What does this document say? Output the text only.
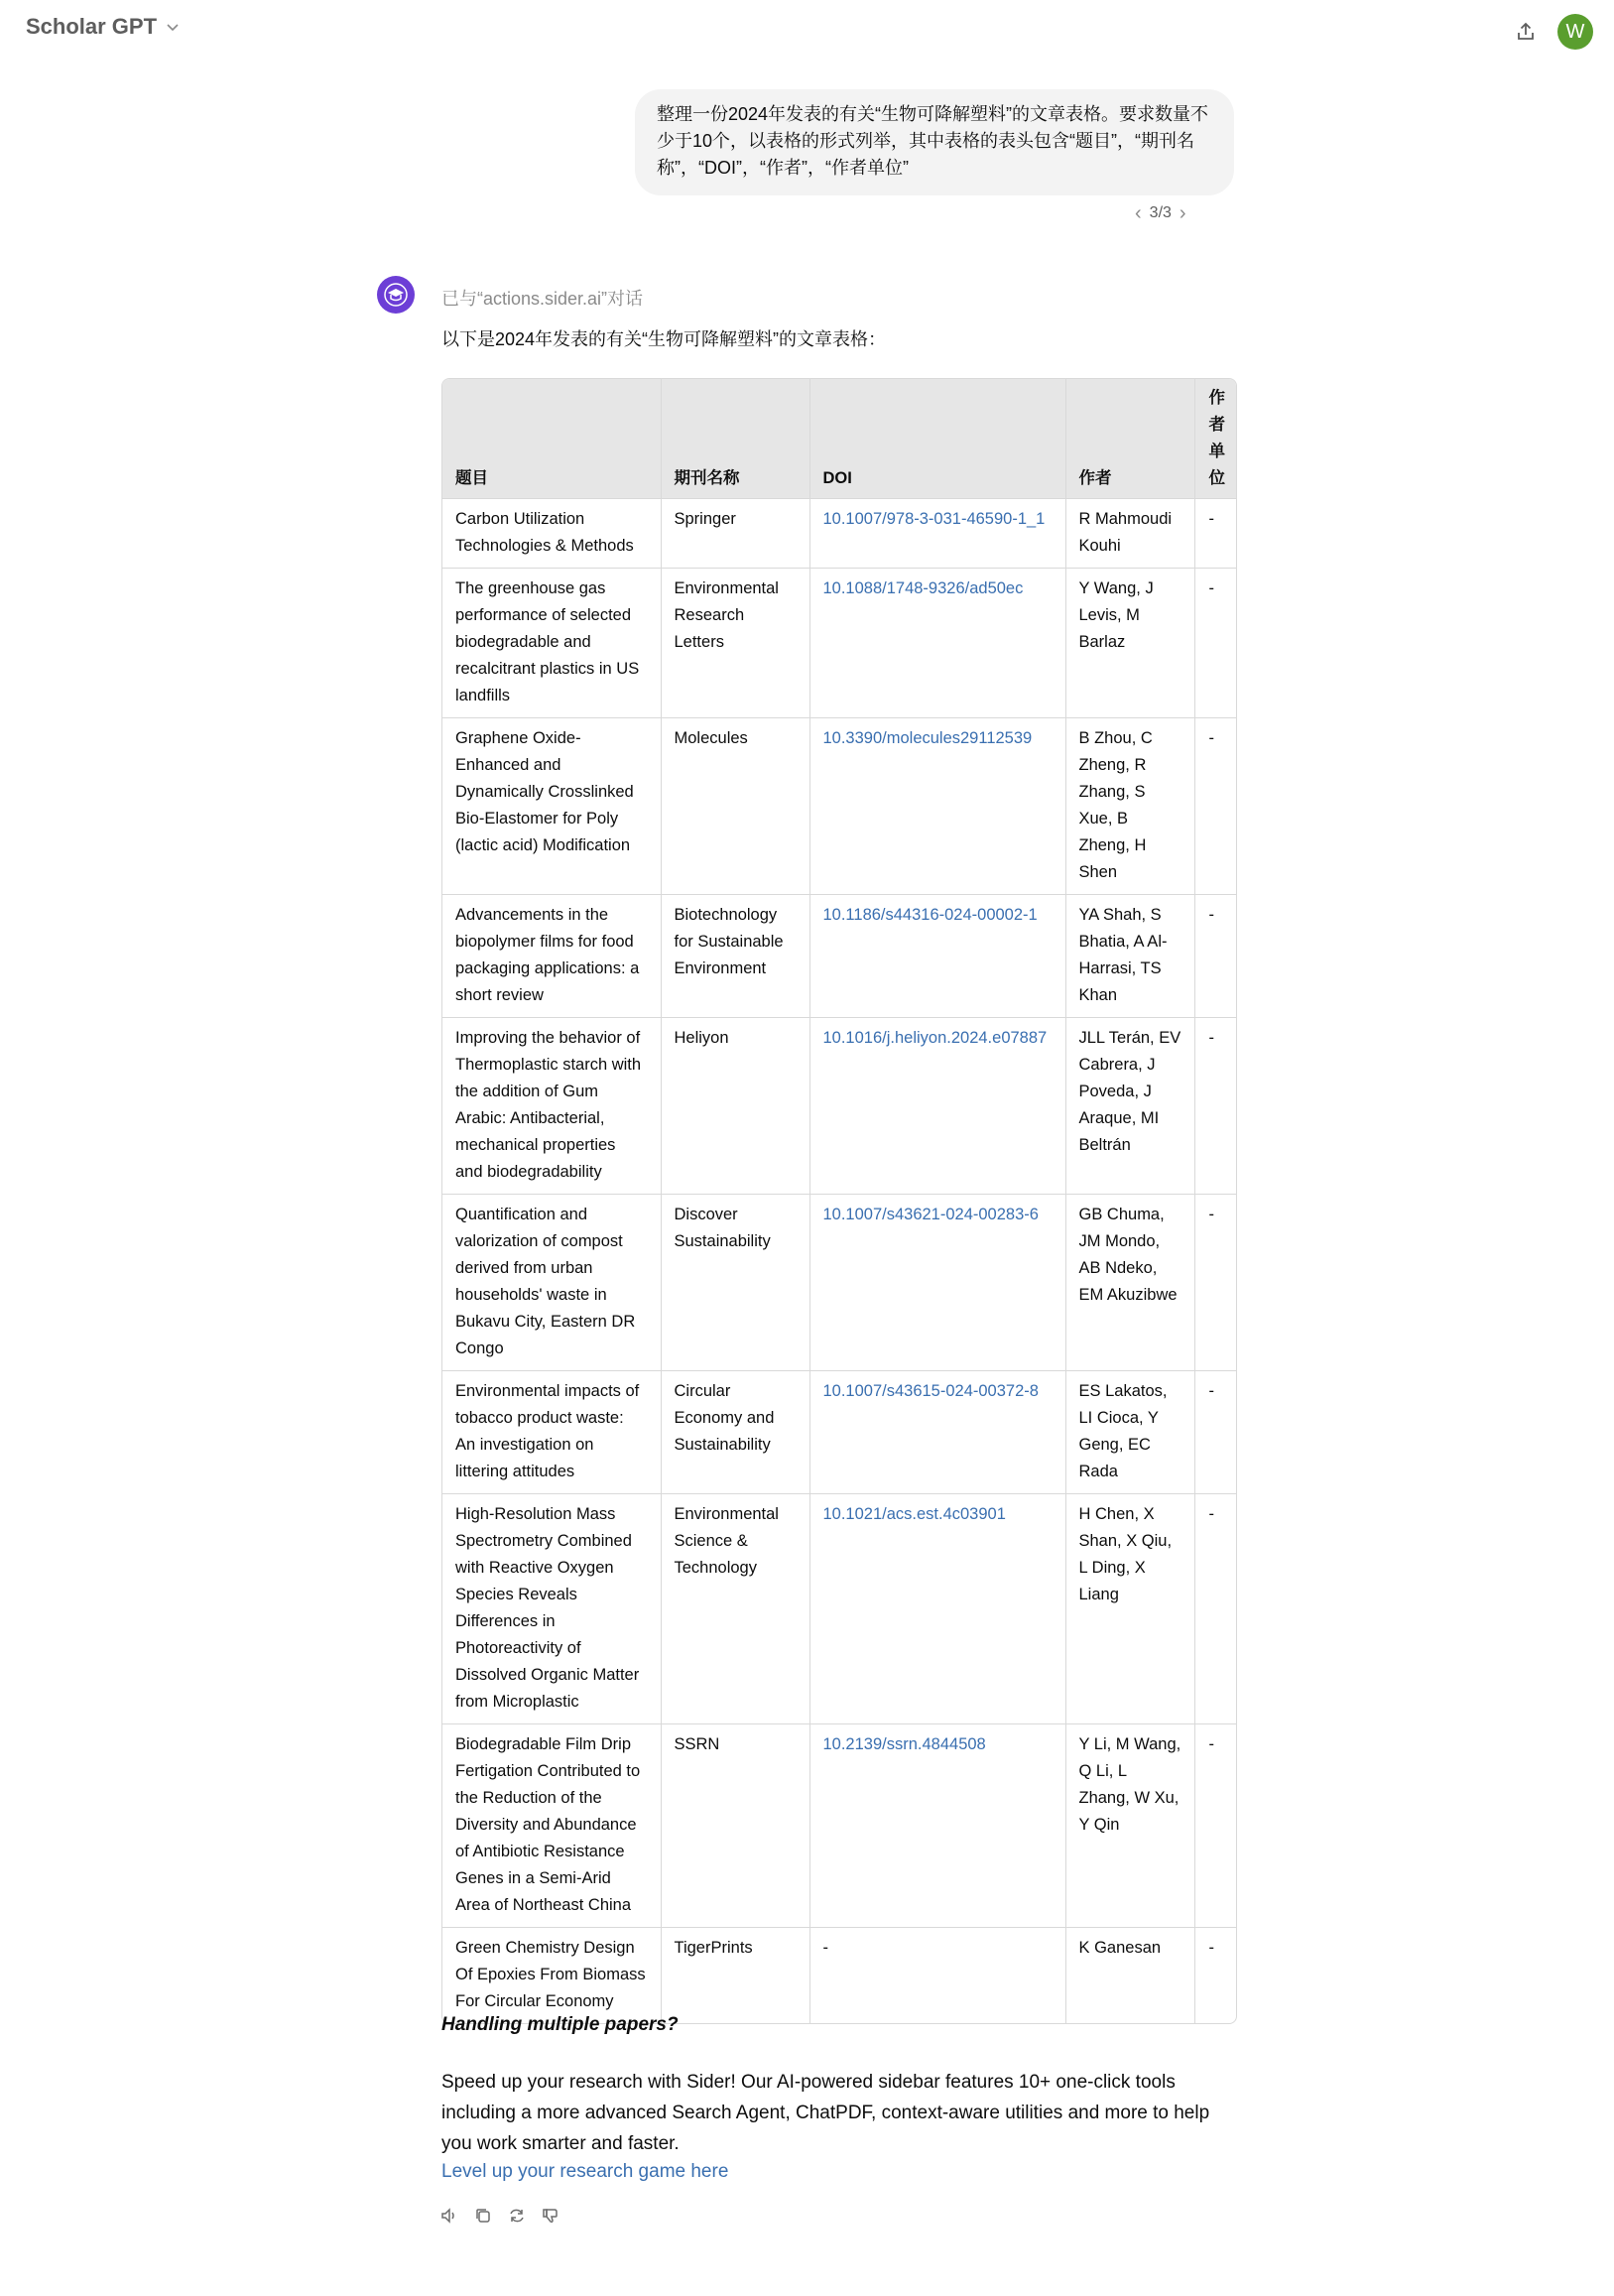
Scholar GPT	W
整理一份2024年发表的有关“生物可降解塑料”的文章表格。要求数量不少于10个，以表格的形式列举，其中表格的表头包含“题目”，“期刊名称”，“DOI”，“作者”，“作者单位”
‹ 3/3 ›
已与“actions.sider.ai”对话
以下是2024年发表的有关“生物可降解塑料”的文章表格：
题目	期刊名称	DOI	作者	作者单位
Carbon Utilization Technologies & Methods	Springer	10.1007/978-3-031-46590-1_1	R Mahmoudi Kouhi	-
The greenhouse gas performance of selected biodegradable and recalcitrant plastics in US landfills	Environmental Research Letters	10.1088/1748-9326/ad50ec	Y Wang, J Levis, M Barlaz	-
Graphene Oxide-Enhanced and Dynamically Crosslinked Bio-Elastomer for Poly (lactic acid) Modification	Molecules	10.3390/molecules29112539	B Zhou, C Zheng, R Zhang, S Xue, B Zheng, H Shen	-
Advancements in the biopolymer films for food packaging applications: a short review	Biotechnology for Sustainable Environment	10.1186/s44316-024-00002-1	YA Shah, S Bhatia, A Al-Harrasi, TS Khan	-
Improving the behavior of Thermoplastic starch with the addition of Gum Arabic: Antibacterial, mechanical properties and biodegradability	Heliyon	10.1016/j.heliyon.2024.e07887	JLL Terán, EV Cabrera, J Poveda, J Araque, MI Beltrán	-
Quantification and valorization of compost derived from urban households' waste in Bukavu City, Eastern DR Congo	Discover Sustainability	10.1007/s43621-024-00283-6	GB Chuma, JM Mondo, AB Ndeko, EM Akuzibwe	-
Environmental impacts of tobacco product waste: An investigation on littering attitudes	Circular Economy and Sustainability	10.1007/s43615-024-00372-8	ES Lakatos, LI Cioca, Y Geng, EC Rada	-
High-Resolution Mass Spectrometry Combined with Reactive Oxygen Species Reveals Differences in Photoreactivity of Dissolved Organic Matter from Microplastic	Environmental Science & Technology	10.1021/acs.est.4c03901	H Chen, X Shan, X Qiu, L Ding, X Liang	-
Biodegradable Film Drip Fertigation Contributed to the Reduction of the Diversity and Abundance of Antibiotic Resistance Genes in a Semi-Arid Area of Northeast China	SSRN	10.2139/ssrn.4844508	Y Li, M Wang, Q Li, L Zhang, W Xu, Y Qin	-
Green Chemistry Design Of Epoxies From Biomass For Circular Economy	TigerPrints	-	K Ganesan	-
Handling multiple papers?
Speed up your research with Sider! Our AI-powered sidebar features 10+ one-click tools including a more advanced Search Agent, ChatPDF, context-aware utilities and more to help you work smarter and faster.
Level up your research game here
